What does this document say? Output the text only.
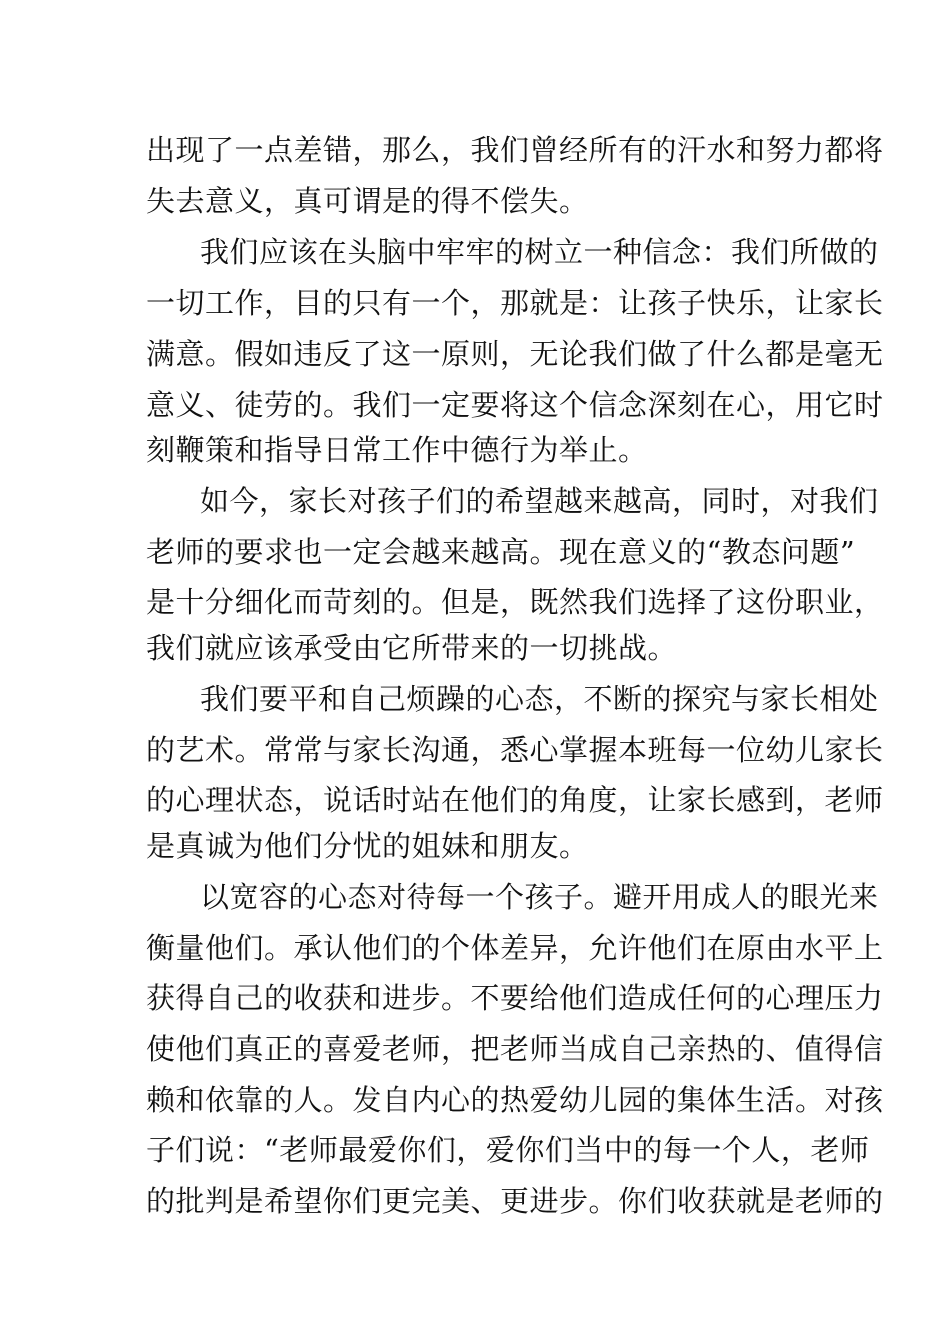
出现了一点差错，那么，我们曾经所有的汗水和努力都将
失去意义，真可谓是的得不偿失。
我们应该在头脑中牢牢的树立一种信念：我们所做的
一切工作，目的只有一个，那就是：让孩子快乐，让家长
满意。假如违反了这一原则，无论我们做了什么都是毫无
意义、徒劳的。我们一定要将这个信念深刻在心，用它时
刻鞭策和指导日常工作中德行为举止。
如今，家长对孩子们的希望越来越高，同时，对我们
老师的要求也一定会越来越高。现在意义的“教态问题”
是十分细化而苛刻的。但是，既然我们选择了这份职业，
我们就应该承受由它所带来的一切挑战。
我们要平和自己烦躁的心态，不断的探究与家长相处
的艺术。常常与家长沟通，悉心掌握本班每一位幼儿家长
的心理状态，说话时站在他们的角度，让家长感到，老师
是真诚为他们分忧的姐妹和朋友。
以宽容的心态对待每一个孩子。避开用成人的眼光来
衡量他们。承认他们的个体差异，允许他们在原由水平上
获得自己的收获和进步。不要给他们造成任何的心理压力
使他们真正的喜爱老师，把老师当成自己亲热的、值得信
赖和依靠的人。发自内心的热爱幼儿园的集体生活。对孩
子们说：“老师最爱你们，爱你们当中的每一个人，老师
的批判是希望你们更完美、更进步。你们收获就是老师的
